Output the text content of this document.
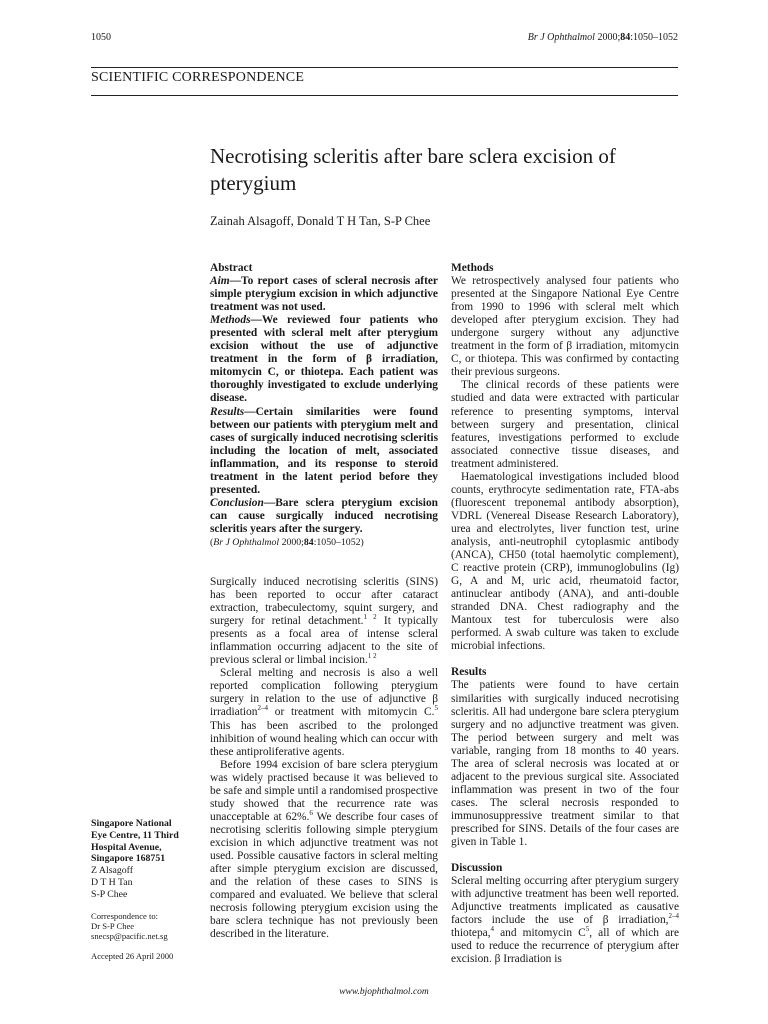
1050	Br J Ophthalmol 2000;84:1050–1052
SCIENTIFIC CORRESPONDENCE
Necrotising scleritis after bare sclera excision of pterygium
Zainah Alsagoff, Donald T H Tan, S-P Chee
Abstract

Aim—To report cases of scleral necrosis after simple pterygium excision in which adjunctive treatment was not used.

Methods—We reviewed four patients who presented with scleral melt after pterygium excision without the use of adjunctive treatment in the form of β irradiation, mitomycin C, or thiotepa. Each patient was thoroughly investigated to exclude underlying disease.

Results—Certain similarities were found between our patients with pterygium melt and cases of surgically induced necrotising scleritis including the location of melt, associated inflammation, and its response to steroid treatment in the latent period before they presented.

Conclusion—Bare sclera pterygium excision can cause surgically induced necrotising scleritis years after the surgery.

(Br J Ophthalmol 2000;84:1050–1052)

Surgically induced necrotising scleritis (SINS) has been reported to occur after cataract extraction, trabeculectomy, squint surgery, and surgery for retinal detachment.$^{1 2}$ It typically presents as a focal area of intense scleral inflammation occurring adjacent to the site of previous scleral or limbal incision.$^{1 2}$

Scleral melting and necrosis is also a well reported complication following pterygium surgery in relation to the use of adjunctive β irradiation$^{2-4}$ or treatment with mitomycin C.$^5$ This has been ascribed to the prolonged inhibition of wound healing which can occur with these antiproliferative agents.

Before 1994 excision of bare sclera pterygium was widely practised because it was believed to be safe and simple until a randomised prospective study showed that the recurrence rate was unacceptable at 62%.$^6$ We describe four cases of necrotising scleritis following simple pterygium excision in which adjunctive treatment was not used. Possible causative factors in scleral melting after simple pterygium excision are discussed, and the relation of these cases to SINS is compared and evaluated. We believe that scleral necrosis following pterygium excision using the bare sclera technique has not previously been described in the literature.

Methods

We retrospectively analysed four patients who presented at the Singapore National Eye Centre from 1990 to 1996 with scleral melt which developed after pterygium excision. They had undergone surgery without any adjunctive treatment in the form of β irradiation, mitomycin C, or thiotepa. This was confirmed by contacting their previous surgeons.

The clinical records of these patients were studied and data were extracted with particular reference to presenting symptoms, interval between surgery and presentation, clinical features, investigations performed to exclude associated connective tissue diseases, and treatment administered.

Haematological investigations included blood counts, erythrocyte sedimentation rate, FTA-abs (fluorescent treponemal antibody absorption), VDRL (Venereal Disease Research Laboratory), urea and electrolytes, liver function test, urine analysis, anti-neutrophil cytoplasmic antibody (ANCA), CH50 (total haemolytic complement), C reactive protein (CRP), immunoglobulins (Ig) G, A and M, uric acid, rheumatoid factor, antinuclear antibody (ANA), and anti-double stranded DNA. Chest radiography and the Mantoux test for tuberculosis were also performed. A swab culture was taken to exclude microbial infections.

Results

The patients were found to have certain similarities with surgically induced necrotising scleritis. All had undergone bare sclera pterygium surgery and no adjunctive treatment was given. The period between surgery and melt was variable, ranging from 18 months to 40 years. The area of scleral necrosis was located at or adjacent to the previous surgical site. Associated inflammation was present in two of the four cases. The scleral necrosis responded to immunosuppressive treatment similar to that prescribed for SINS. Details of the four cases are given in Table 1.

Discussion

Scleral melting occurring after pterygium surgery with adjunctive treatment has been well reported. Adjunctive treatments implicated as causative factors include the use of β irradiation,$^{2-4}$ thiotepa,$^4$ and mitomycin $C^5$, all of which are used to reduce the recurrence of pterygium after excision. β Irradiation is

Singapore National
Eye Centre, 11 Third
Hospital Avenue,
Singapore 168751
Z Alsagoff
D T H Tan
S-P Chee
Correspondence to:
Dr S-P Chee
snecsp@pacific.net.sg
Accepted 26 April 2000
www.bjophthalmol.com
